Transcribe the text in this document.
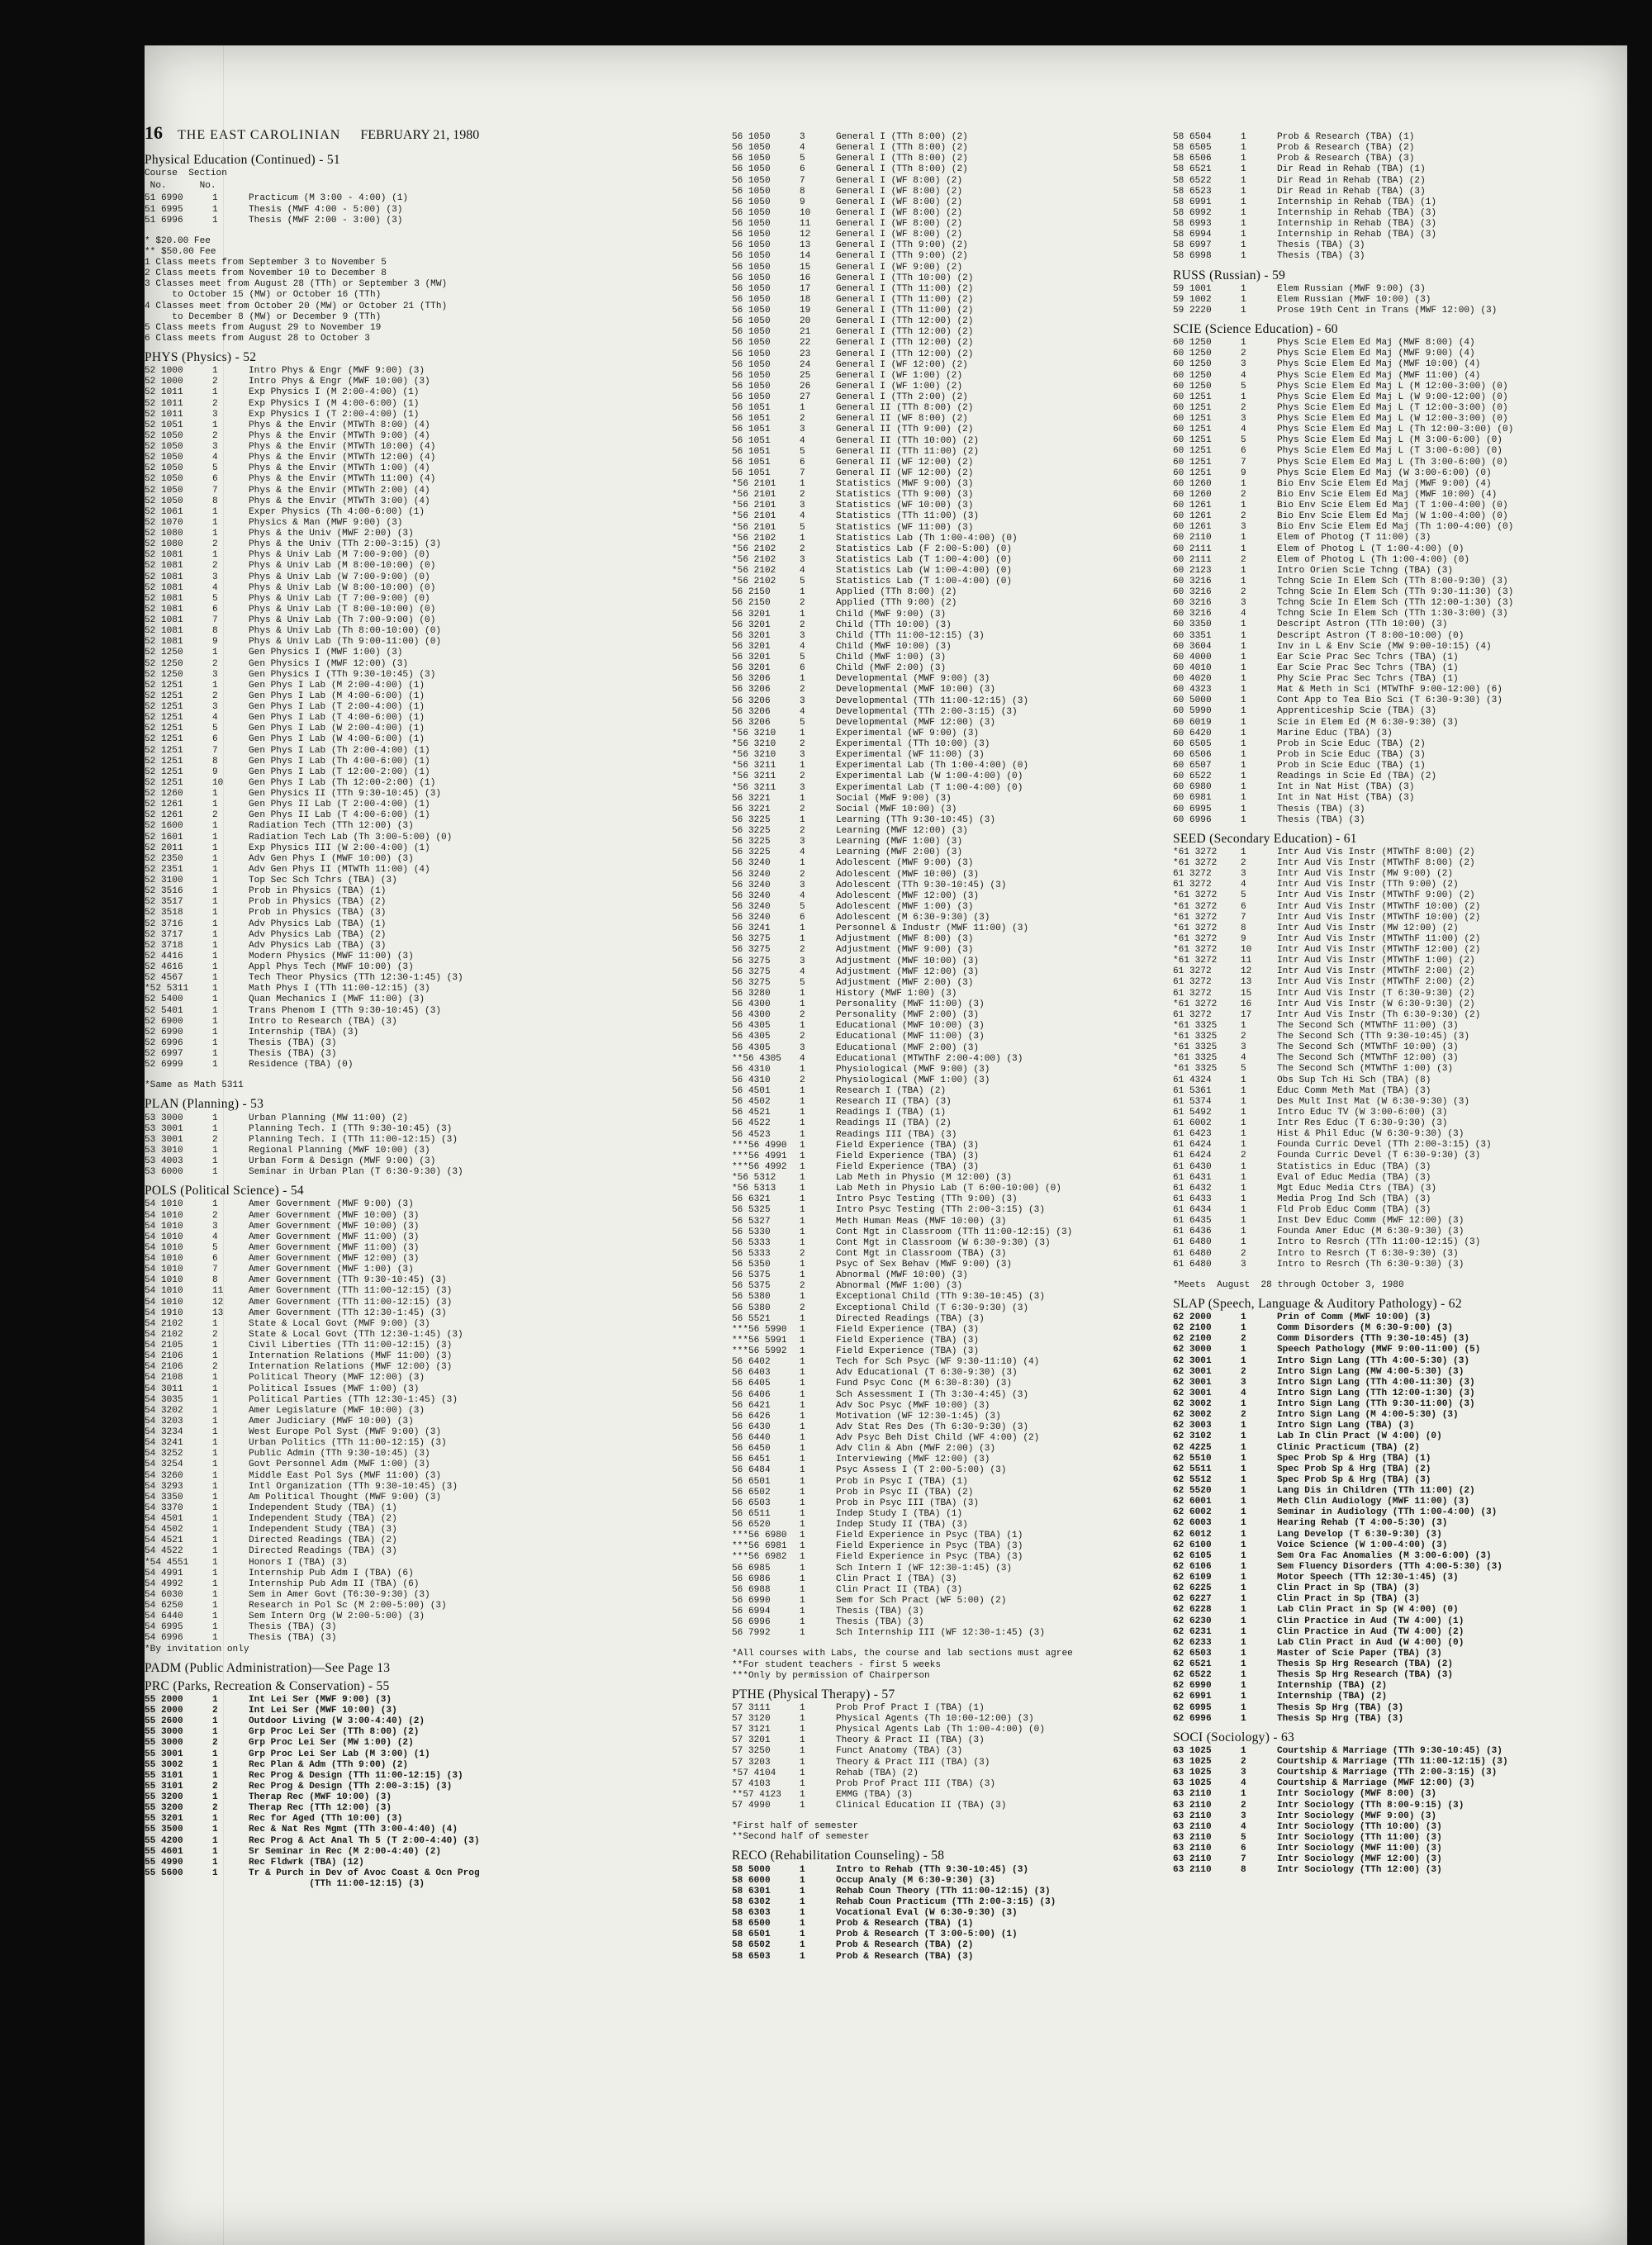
16 THE EAST CAROLINIAN FEBRUARY 21, 1980
Physical Education (Continued) - 51
Course  Section
No.      No.
51 6990	1	Practicum (M 3:00 - 4:00) (1)
51 6995	1	Thesis (MWF 4:00 - 5:00) (3)
51 6996	1	Thesis (MWF 2:00 - 3:00) (3)
* $20.00 Fee
** $50.00 Fee
1 Class meets from September 3 to November 5
2 Class meets from November 10 to December 8
3 Classes meet from August 28 (TTh) or September 3 (MW)
to October 15 (MW) or October 16 (TTh)
4 Classes meet from October 20 (MW) or October 21 (TTh)
to December 8 (MW) or December 9 (TTh)
5 Class meets from August 29 to November 19
6 Class meets from August 28 to October 3
PHYS (Physics) - 52
52 1000	1	Intro Phys & Engr (MWF 9:00) (3)
52 1000	2	Intro Phys & Engr (MWF 10:00) (3)
52 1011	1	Exp Physics I (M 2:00-4:00) (1)
52 1011	2	Exp Physics I (M 4:00-6:00) (1)
52 1011	3	Exp Physics I (T 2:00-4:00) (1)
52 1051	1	Phys & the Envir (MTWTh 8:00) (4)
52 1050	2	Phys & the Envir (MTWTh 9:00) (4)
52 1050	3	Phys & the Envir (MTWTh 10:00) (4)
52 1050	4	Phys & the Envir (MTWTh 12:00) (4)
52 1050	5	Phys & the Envir (MTWTh 1:00) (4)
52 1050	6	Phys & the Envir (MTWTh 11:00) (4)
52 1050	7	Phys & the Envir (MTWTh 2:00) (4)
52 1050	8	Phys & the Envir (MTWTh 3:00) (4)
52 1061	1	Exper Physics (Th 4:00-6:00) (1)
52 1070	1	Physics & Man (MWF 9:00) (3)
52 1080	1	Phys & the Univ (MWF 2:00) (3)
52 1080	2	Phys & the Univ (TTh 2:00-3:15) (3)
52 1081	1	Phys & Univ Lab (M 7:00-9:00) (0)
52 1081	2	Phys & Univ Lab (M 8:00-10:00) (0)
52 1081	3	Phys & Univ Lab (W 7:00-9:00) (0)
52 1081	4	Phys & Univ Lab (W 8:00-10:00) (0)
52 1081	5	Phys & Univ Lab (T 7:00-9:00) (0)
52 1081	6	Phys & Univ Lab (T 8:00-10:00) (0)
52 1081	7	Phys & Univ Lab (Th 7:00-9:00) (0)
52 1081	8	Phys & Univ Lab (Th 8:00-10:00) (0)
52 1081	9	Phys & Univ Lab (Th 9:00-11:00) (0)
52 1250	1	Gen Physics I (MWF 1:00) (3)
52 1250	2	Gen Physics I (MWF 12:00) (3)
52 1250	3	Gen Physics I (TTh 9:30-10:45) (3)
52 1251	1	Gen Phys I Lab (M 2:00-4:00) (1)
52 1251	2	Gen Phys I Lab (M 4:00-6:00) (1)
52 1251	3	Gen Phys I Lab (T 2:00-4:00) (1)
52 1251	4	Gen Phys I Lab (T 4:00-6:00) (1)
52 1251	5	Gen Phys I Lab (W 2:00-4:00) (1)
52 1251	6	Gen Phys I Lab (W 4:00-6:00) (1)
52 1251	7	Gen Phys I Lab (Th 2:00-4:00) (1)
52 1251	8	Gen Phys I Lab (Th 4:00-6:00) (1)
52 1251	9	Gen Phys I Lab (T 12:00-2:00) (1)
52 1251	10	Gen Phys I Lab (Th 12:00-2:00) (1)
52 1260	1	Gen Physics II (TTh 9:30-10:45) (3)
52 1261	1	Gen Phys II Lab (T 2:00-4:00) (1)
52 1261	2	Gen Phys II Lab (T 4:00-6:00) (1)
52 1600	1	Radiation Tech (TTh 12:00) (3)
52 1601	1	Radiation Tech Lab (Th 3:00-5:00) (0)
52 2011	1	Exp Physics III (W 2:00-4:00) (1)
52 2350	1	Adv Gen Phys I (MWF 10:00) (3)
52 2351	1	Adv Gen Phys II (MTWTh 11:00) (4)
52 3100	1	Top Sec Sch Tchrs (TBA) (3)
52 3516	1	Prob in Physics (TBA) (1)
52 3517	1	Prob in Physics (TBA) (2)
52 3518	1	Prob in Physics (TBA) (3)
52 3716	1	Adv Physics Lab (TBA) (1)
52 3717	1	Adv Physics Lab (TBA) (2)
52 3718	1	Adv Physics Lab (TBA) (3)
52 4416	1	Modern Physics (MWF 11:00) (3)
52 4616	1	Appl Phys Tech (MWF 10:00) (3)
52 4567	1	Tech Theor Physics (TTh 12:30-1:45) (3)
*52 5311	1	Math Phys I (TTh 11:00-12:15) (3)
52 5400	1	Quan Mechanics I (MWF 11:00) (3)
52 5401	1	Trans Phenom I (TTh 9:30-10:45) (3)
52 6900	1	Intro to Research (TBA) (3)
52 6990	1	Internship (TBA) (3)
52 6996	1	Thesis (TBA) (3)
52 6997	1	Thesis (TBA) (3)
52 6999	1	Residence (TBA) (0)
*Same as Math 5311
PLAN (Planning) - 53
53 3000	1	Urban Planning (MW 11:00) (2)
53 3001	1	Planning Tech. I (TTh 9:30-10:45) (3)
53 3001	2	Planning Tech. I (TTh 11:00-12:15) (3)
53 3010	1	Regional Planning (MWF 10:00) (3)
53 4003	1	Urban Form & Design (MWF 9:00) (3)
53 6000	1	Seminar in Urban Plan (T 6:30-9:30) (3)
POLS (Political Science) - 54
54 1010	1	Amer Government (MWF 9:00) (3)
54 1010	2	Amer Government (MWF 10:00) (3)
54 1010	3	Amer Government (MWF 10:00) (3)
54 1010	4	Amer Government (MWF 11:00) (3)
54 1010	5	Amer Government (MWF 11:00) (3)
54 1010	6	Amer Government (MWF 12:00) (3)
54 1010	7	Amer Government (MWF 1:00) (3)
54 1010	8	Amer Government (TTh 9:30-10:45) (3)
54 1010	11	Amer Government (TTh 11:00-12:15) (3)
54 1010	12	Amer Government (TTh 11:00-12:15) (3)
54 1910	13	Amer Government (TTh 12:30-1:45) (3)
54 2102	1	State & Local Govt (MWF 9:00) (3)
54 2102	2	State & Local Govt (TTh 12:30-1:45) (3)
54 2105	1	Civil Liberties (TTh 11:00-12:15) (3)
54 2106	1	Internation Relations (MWF 11:00) (3)
54 2106	2	Internation Relations (MWF 12:00) (3)
54 2108	1	Political Theory (MWF 12:00) (3)
54 3011	1	Political Issues (MWF 1:00) (3)
54 3035	1	Political Parties (TTh 12:30-1:45) (3)
54 3202	1	Amer Legislature (MWF 10:00) (3)
54 3203	1	Amer Judiciary (MWF 10:00) (3)
54 3234	1	West Europe Pol Syst (MWF 9:00) (3)
54 3241	1	Urban Politics (TTh 11:00-12:15) (3)
54 3252	1	Public Admin (TTh 9:30-10:45) (3)
54 3254	1	Govt Personnel Adm (MWF 1:00) (3)
54 3260	1	Middle East Pol Sys (MWF 11:00) (3)
54 3293	1	Intl Organization (TTh 9:30-10:45) (3)
54 3350	1	Am Political Thought (MWF 9:00) (3)
54 3370	1	Independent Study (TBA) (1)
54 4501	1	Independent Study (TBA) (2)
54 4502	1	Independent Study (TBA) (3)
54 4521	1	Directed Readings (TBA) (2)
54 4522	1	Directed Readings (TBA) (3)
*54 4551	1	Honors I (TBA) (3)
54 4991	1	Internship Pub Adm I (TBA) (6)
54 4992	1	Internship Pub Adm II (TBA) (6)
54 6030	1	Sem in Amer Govt (T6:30-9:30) (3)
54 6250	1	Research in Pol Sc (M 2:00-5:00) (3)
54 6440	1	Sem Intern Org (W 2:00-5:00) (3)
54 6995	1	Thesis (TBA) (3)
54 6996	1	Thesis (TBA) (3)
*By invitation only
PADM (Public Administration)—See Page 13
PRC (Parks, Recreation & Conservation) - 55
55 2000	1	Int Lei Ser (MWF 9:00) (3)
55 2000	2	Int Lei Ser (MWF 10:00) (3)
55 2600	1	Outdoor Living (W 3:00-4:40) (2)
55 3000	1	Grp Proc Lei Ser (TTh 8:00) (2)
55 3000	2	Grp Proc Lei Ser (MW 1:00) (2)
55 3001	1	Grp Proc Lei Ser Lab (M 3:00) (1)
55 3002	1	Rec Plan & Adm (TTh 9:00) (2)
55 3101	1	Rec Prog & Design (TTh 11:00-12:15) (3)
55 3101	2	Rec Prog & Design (TTh 2:00-3:15) (3)
55 3200	1	Therap Rec (MWF 10:00) (3)
55 3200	2	Therap Rec (TTh 12:00) (3)
55 3201	1	Rec for Aged (TTh 10:00) (3)
55 3500	1	Rec & Nat Res Mgmt (TTh 3:00-4:40) (4)
55 4200	1	Rec Prog & Act Anal Th 5 (T 2:00-4:40) (3)
55 4601	1	Sr Seminar in Rec (M 2:00-4:40) (2)
55 4990	1	Rec Fldwrk (TBA) (12)
55 5600	1	Tr & Purch in Dev of Avoc Coast & Ocn Prog
(TTh 11:00-12:15) (3)
56 1050	3	General I (TTh 8:00) (2)
56 1050	4	General I (TTh 8:00) (2)
56 1050	5	General I (TTh 8:00) (2)
56 1050	6	General I (TTh 8:00) (2)
56 1050	7	General I (WF 8:00) (2)
56 1050	8	General I (WF 8:00) (2)
56 1050	9	General I (WF 8:00) (2)
56 1050	10	General I (WF 8:00) (2)
56 1050	11	General I (WF 8:00) (2)
56 1050	12	General I (WF 8:00) (2)
56 1050	13	General I (TTh 9:00) (2)
56 1050	14	General I (TTh 9:00) (2)
56 1050	15	General I (WF 9:00) (2)
56 1050	16	General I (TTh 10:00) (2)
56 1050	17	General I (TTh 11:00) (2)
56 1050	18	General I (TTh 11:00) (2)
56 1050	19	General I (TTh 11:00) (2)
56 1050	20	General I (TTh 12:00) (2)
56 1050	21	General I (TTh 12:00) (2)
56 1050	22	General I (TTh 12:00) (2)
56 1050	23	General I (TTh 12:00) (2)
56 1050	24	General I (WF 12:00) (2)
56 1050	25	General I (WF 1:00) (2)
56 1050	26	General I (WF 1:00) (2)
56 1050	27	General I (TTh 2:00) (2)
56 1051	1	General II (TTh 8:00) (2)
56 1051	2	General II (WF 8:00) (2)
56 1051	3	General II (TTh 9:00) (2)
56 1051	4	General II (TTh 10:00) (2)
56 1051	5	General II (TTh 11:00) (2)
56 1051	6	General II (WF 12:00) (2)
56 1051	7	General II (WF 12:00) (2)
*56 2101	1	Statistics (MWF 9:00) (3)
*56 2101	2	Statistics (TTh 9:00) (3)
*56 2101	3	Statistics (WF 10:00) (3)
*56 2101	4	Statistics (TTh 11:00) (3)
*56 2101	5	Statistics (WF 11:00) (3)
*56 2102	1	Statistics Lab (Th 1:00-4:00) (0)
*56 2102	2	Statistics Lab (F 2:00-5:00) (0)
*56 2102	3	Statistics Lab (T 1:00-4:00) (0)
*56 2102	4	Statistics Lab (W 1:00-4:00) (0)
*56 2102	5	Statistics Lab (T 1:00-4:00) (0)
56 2150	1	Applied (TTh 8:00) (2)
56 2150	2	Applied (TTh 9:00) (2)
56 3201	1	Child (MWF 9:00) (3)
56 3201	2	Child (TTh 10:00) (3)
56 3201	3	Child (TTh 11:00-12:15) (3)
56 3201	4	Child (MWF 10:00) (3)
56 3201	5	Child (MWF 1:00) (3)
56 3201	6	Child (MWF 2:00) (3)
56 3206	1	Developmental (MWF 9:00) (3)
56 3206	2	Developmental (MWF 10:00) (3)
56 3206	3	Developmental (TTh 11:00-12:15) (3)
56 3206	4	Developmental (TTh 2:00-3:15) (3)
56 3206	5	Developmental (MWF 12:00) (3)
*56 3210	1	Experimental (WF 9:00) (3)
*56 3210	2	Experimental (TTh 10:00) (3)
*56 3210	3	Experimental (WF 11:00) (3)
*56 3211	1	Experimental Lab (Th 1:00-4:00) (0)
*56 3211	2	Experimental Lab (W 1:00-4:00) (0)
*56 3211	3	Experimental Lab (T 1:00-4:00) (0)
56 3221	1	Social (MWF 9:00) (3)
56 3221	2	Social (MWF 10:00) (3)
56 3225	1	Learning (TTh 9:30-10:45) (3)
56 3225	2	Learning (MWF 12:00) (3)
56 3225	3	Learning (MWF 1:00) (3)
56 3225	4	Learning (MWF 2:00) (3)
56 3240	1	Adolescent (MWF 9:00) (3)
56 3240	2	Adolescent (MWF 10:00) (3)
56 3240	3	Adolescent (TTh 9:30-10:45) (3)
56 3240	4	Adolescent (MWF 12:00) (3)
56 3240	5	Adolescent (MWF 1:00) (3)
56 3240	6	Adolescent (M 6:30-9:30) (3)
56 3241	1	Personnel & Industr (MWF 11:00) (3)
56 3275	1	Adjustment (MWF 8:00) (3)
56 3275	2	Adjustment (MWF 9:00) (3)
56 3275	3	Adjustment (MWF 10:00) (3)
56 3275	4	Adjustment (MWF 12:00) (3)
56 3275	5	Adjustment (MWF 2:00) (3)
56 3280	1	History (MWF 1:00) (3)
56 4300	1	Personality (MWF 11:00) (3)
56 4300	2	Personality (MWF 2:00) (3)
56 4305	1	Educational (MWF 10:00) (3)
56 4305	2	Educational (MWF 11:00) (3)
56 4305	3	Educational (MWF 2:00) (3)
**56 4305	4	Educational (MTWThF 2:00-4:00) (3)
56 4310	1	Physiological (MWF 9:00) (3)
56 4310	2	Physiological (MWF 1:00) (3)
56 4501	1	Research I (TBA) (2)
56 4502	1	Research II (TBA) (3)
56 4521	1	Readings I (TBA) (1)
56 4522	1	Readings II (TBA) (2)
56 4523	1	Readings III (TBA) (3)
***56 4990	1	Field Experience (TBA) (3)
***56 4991	1	Field Experience (TBA) (3)
***56 4992	1	Field Experience (TBA) (3)
*56 5312	1	Lab Meth in Physio (M 12:00) (3)
*56 5313	1	Lab Meth in Physio Lab (T 6:00-10:00) (0)
56 6321	1	Intro Psyc Testing (TTh 9:00) (3)
56 5325	1	Intro Psyc Testing (TTh 2:00-3:15) (3)
56 5327	1	Meth Human Meas (MWF 10:00) (3)
56 5330	1	Cont Mgt in Classroom (TTh 11:00-12:15) (3)
56 5333	1	Cont Mgt in Classroom (W 6:30-9:30) (3)
56 5333	2	Cont Mgt in Classroom (TBA) (3)
56 5350	1	Psyc of Sex Behav (MWF 9:00) (3)
56 5375	1	Abnormal (MWF 10:00) (3)
56 5375	2	Abnormal (MWF 1:00) (3)
56 5380	1	Exceptional Child (TTh 9:30-10:45) (3)
56 5380	2	Exceptional Child (T 6:30-9:30) (3)
56 5521	1	Directed Readings (TBA) (3)
***56 5990	1	Field Experience (TBA) (3)
***56 5991	1	Field Experience (TBA) (3)
***56 5992	1	Field Experience (TBA) (3)
56 6402	1	Tech for Sch Psyc (WF 9:30-11:10) (4)
56 6403	1	Adv Educational (T 6:30-9:30) (3)
56 6405	1	Fund Psyc Conc (M 6:30-8:30) (3)
56 6406	1	Sch Assessment I (Th 3:30-4:45) (3)
56 6421	1	Adv Soc Psyc (MWF 10:00) (3)
56 6426	1	Motivation (WF 12:30-1:45) (3)
56 6430	1	Adv Stat Res Des (Th 6:30-9:30) (3)
56 6440	1	Adv Psyc Beh Dist Child (WF 4:00) (2)
56 6450	1	Adv Clin & Abn (MWF 2:00) (3)
56 6451	1	Interviewing (MWF 12:00) (3)
56 6484	1	Psyc Assess I (T 2:00-5:00) (3)
56 6501	1	Prob in Psyc I (TBA) (1)
56 6502	1	Prob in Psyc II (TBA) (2)
56 6503	1	Prob in Psyc III (TBA) (3)
56 6511	1	Indep Study I (TBA) (1)
56 6520	1	Indep Study II (TBA) (3)
***56 6980	1	Field Experience in Psyc (TBA) (1)
***56 6981	1	Field Experience in Psyc (TBA) (3)
***56 6982	1	Field Experience in Psyc (TBA) (3)
56 6985	1	Sch Intern I (WF 12:30-1:45) (3)
56 6986	1	Clin Pract I (TBA) (3)
56 6988	1	Clin Pract II (TBA) (3)
56 6990	1	Sem for Sch Pract (WF 5:00) (2)
56 6994	1	Thesis (TBA) (3)
56 6996	1	Thesis (TBA) (3)
56 7992	1	Sch Internship III (WF 12:30-1:45) (3)
*All courses with Labs, the course and lab sections must agree
**For student teachers - first 5 weeks
***Only by permission of Chairperson
PTHE (Physical Therapy) - 57
57 3111	1	Prob Prof Pract I (TBA) (1)
57 3120	1	Physical Agents (Th 10:00-12:00) (3)
57 3121	1	Physical Agents Lab (Th 1:00-4:00) (0)
57 3201	1	Theory & Pract II (TBA) (3)
57 3250	1	Funct Anatomy (TBA) (3)
57 3203	1	Theory & Pract III (TBA) (3)
*57 4104	1	Rehab (TBA) (2)
57 4103	1	Prob Prof Pract III (TBA) (3)
**57 4123	1	EMMG (TBA) (3)
57 4990	1	Clinical Education II (TBA) (3)
*First half of semester
**Second half of semester
RECO (Rehabilitation Counseling) - 58
58 5000	1	Intro to Rehab (TTh 9:30-10:45) (3)
58 6000	1	Occup Analy (M 6:30-9:30) (3)
58 6301	1	Rehab Coun Theory (TTh 11:00-12:15) (3)
58 6302	1	Rehab Coun Practicum (TTh 2:00-3:15) (3)
58 6303	1	Vocational Eval (W 6:30-9:30) (3)
58 6500	1	Prob & Research (TBA) (1)
58 6501	1	Prob & Research (T 3:00-5:00) (1)
58 6502	1	Prob & Research (TBA) (2)
58 6503	1	Prob & Research (TBA) (3)
58 6504	1	Prob & Research (TBA) (1)
58 6505	1	Prob & Research (TBA) (2)
58 6506	1	Prob & Research (TBA) (3)
58 6521	1	Dir Read in Rehab (TBA) (1)
58 6522	1	Dir Read in Rehab (TBA) (2)
58 6523	1	Dir Read in Rehab (TBA) (3)
58 6991	1	Internship in Rehab (TBA) (1)
58 6992	1	Internship in Rehab (TBA) (3)
58 6993	1	Internship in Rehab (TBA) (3)
58 6994	1	Internship in Rehab (TBA) (3)
58 6997	1	Thesis (TBA) (3)
58 6998	1	Thesis (TBA) (3)
RUSS (Russian) - 59
59 1001	1	Elem Russian (MWF 9:00) (3)
59 1002	1	Elem Russian (MWF 10:00) (3)
59 2220	1	Prose 19th Cent in Trans (MWF 12:00) (3)
SCIE (Science Education) - 60
60 1250	1	Phys Scie Elem Ed Maj (MWF 8:00) (4)
60 1250	2	Phys Scie Elem Ed Maj (MWF 9:00) (4)
60 1250	3	Phys Scie Elem Ed Maj (MWF 10:00) (4)
60 1250	4	Phys Scie Elem Ed Maj (MWF 11:00) (4)
60 1250	5	Phys Scie Elem Ed Maj L (M 12:00-3:00) (0)
60 1251	1	Phys Scie Elem Ed Maj L (W 9:00-12:00) (0)
60 1251	2	Phys Scie Elem Ed Maj L (T 12:00-3:00) (0)
60 1251	3	Phys Scie Elem Ed Maj L (W 12:00-3:00) (0)
60 1251	4	Phys Scie Elem Ed Maj L (Th 12:00-3:00) (0)
60 1251	5	Phys Scie Elem Ed Maj L (M 3:00-6:00) (0)
60 1251	6	Phys Scie Elem Ed Maj L (T 3:00-6:00) (0)
60 1251	7	Phys Scie Elem Ed Maj L (Th 3:00-6:00) (0)
60 1251	9	Phys Scie Elem Ed Maj (W 3:00-6:00) (0)
60 1260	1	Bio Env Scie Elem Ed Maj (MWF 9:00) (4)
60 1260	2	Bio Env Scie Elem Ed Maj (MWF 10:00) (4)
60 1261	1	Bio Env Scie Elem Ed Maj (T 1:00-4:00) (0)
60 1261	2	Bio Env Scie Elem Ed Maj (W 1:00-4:00) (0)
60 1261	3	Bio Env Scie Elem Ed Maj (Th 1:00-4:00) (0)
60 2110	1	Elem of Photog (T 11:00) (3)
60 2111	1	Elem of Photog L (T 1:00-4:00) (0)
60 2111	2	Elem of Photog L (Th 1:00-4:00) (0)
60 2123	1	Intro Orien Scie Tchng (TBA) (3)
60 3216	1	Tchng Scie In Elem Sch (TTh 8:00-9:30) (3)
60 3216	2	Tchng Scie In Elem Sch (TTh 9:30-11:30) (3)
60 3216	3	Tchng Scie In Elem Sch (TTh 12:00-1:30) (3)
60 3216	4	Tchng Scie In Elem Sch (TTh 1:30-3:00) (3)
60 3350	1	Descript Astron (TTh 10:00) (3)
60 3351	1	Descript Astron (T 8:00-10:00) (0)
60 3604	1	Inv in L & Env Scie (MW 9:00-10:15) (4)
60 4000	1	Ear Scie Prac Sec Tchrs (TBA) (1)
60 4010	1	Ear Scie Prac Sec Tchrs (TBA) (1)
60 4020	1	Phy Scie Prac Sec Tchrs (TBA) (1)
60 4323	1	Mat & Meth in Sci (MTWThF 9:00-12:00) (6)
60 5000	1	Cont App to Tea Bio Sci (T 6:30-9:30) (3)
60 5990	1	Apprenticeship Scie (TBA) (3)
60 6019	1	Scie in Elem Ed (M 6:30-9:30) (3)
60 6420	1	Marine Educ (TBA) (3)
60 6505	1	Prob in Scie Educ (TBA) (2)
60 6506	1	Prob in Scie Educ (TBA) (3)
60 6507	1	Prob in Scie Educ (TBA) (1)
60 6522	1	Readings in Scie Ed (TBA) (2)
60 6980	1	Int in Nat Hist (TBA) (3)
60 6981	1	Int in Nat Hist (TBA) (3)
60 6995	1	Thesis (TBA) (3)
60 6996	1	Thesis (TBA) (3)
SEED (Secondary Education) - 61
*61 3272	1	Intr Aud Vis Instr (MTWThF 8:00) (2)
*61 3272	2	Intr Aud Vis Instr (MTWThF 8:00) (2)
61 3272	3	Intr Aud Vis Instr (MW 9:00) (2)
61 3272	4	Intr Aud Vis Instr (TTh 9:00) (2)
*61 3272	5	Intr Aud Vis Instr (MTWThF 9:00) (2)
*61 3272	6	Intr Aud Vis Instr (MTWThF 10:00) (2)
*61 3272	7	Intr Aud Vis Instr (MTWThF 10:00) (2)
*61 3272	8	Intr Aud Vis Instr (MW 12:00) (2)
*61 3272	9	Intr Aud Vis Instr (MTWThF 11:00) (2)
*61 3272	10	Intr Aud Vis Instr (MTWThF 12:00) (2)
*61 3272	11	Intr Aud Vis Instr (MTWThF 1:00) (2)
61 3272	12	Intr Aud Vis Instr (MTWThF 2:00) (2)
61 3272	13	Intr Aud Vis Instr (MTWThF 2:00) (2)
61 3272	15	Intr Aud Vis Instr (T 6:30-9:30) (2)
*61 3272	16	Intr Aud Vis Instr (W 6:30-9:30) (2)
61 3272	17	Intr Aud Vis Instr (Th 6:30-9:30) (2)
*61 3325	1	The Second Sch (MTWThF 11:00) (3)
*61 3325	2	The Second Sch (TTh 9:30-10:45) (3)
*61 3325	3	The Second Sch (MTWThF 10:00) (3)
*61 3325	4	The Second Sch (MTWThF 12:00) (3)
*61 3325	5	The Second Sch (MTWThF 1:00) (3)
61 4324	1	Obs Sup Tch Hi Sch (TBA) (8)
61 5361	1	Educ Comm Meth Mat (TBA) (3)
61 5374	1	Des Mult Inst Mat (W 6:30-9:30) (3)
61 5492	1	Intro Educ TV (W 3:00-6:00) (3)
61 6002	1	Intr Res Educ (T 6:30-9:30) (3)
61 6423	1	Hist & Phil Educ (W 6:30-9:30) (3)
61 6424	1	Founda Curric Devel (TTh 2:00-3:15) (3)
61 6424	2	Founda Curric Devel (T 6:30-9:30) (3)
61 6430	1	Statistics in Educ (TBA) (3)
61 6431	1	Eval of Educ Media (TBA) (3)
61 6432	1	Mgt Educ Media Ctrs (TBA) (3)
61 6433	1	Media Prog Ind Sch (TBA) (3)
61 6434	1	Fld Prob Educ Comm (TBA) (3)
61 6435	1	Inst Dev Educ Comm (MWF 12:00) (3)
61 6436	1	Founda Amer Educ (M 6:30-9:30) (3)
61 6480	1	Intro to Resrch (TTh 11:00-12:15) (3)
61 6480	2	Intro to Resrch (T 6:30-9:30) (3)
61 6480	3	Intro to Resrch (Th 6:30-9:30) (3)
*Meets  August  28 through October 3, 1980
SLAP (Speech, Language & Auditory Pathology) - 62
62 2000	1	Prin of Comm (MWF 10:00) (3)
62 2100	1	Comm Disorders (M 6:30-9:00) (3)
62 2100	2	Comm Disorders (TTh 9:30-10:45) (3)
62 3000	1	Speech Pathology (MWF 9:00-11:00) (5)
62 3001	1	Intro Sign Lang (TTh 4:00-5:30) (3)
62 3001	2	Intro Sign Lang (MW 4:00-5:30) (3)
62 3001	3	Intro Sign Lang (TTh 4:00-11:30) (3)
62 3001	4	Intro Sign Lang (TTh 12:00-1:30) (3)
62 3002	1	Intro Sign Lang (TTh 9:30-11:00) (3)
62 3002	2	Intro Sign Lang (M 4:00-5:30) (3)
62 3003	1	Intro Sign Lang (TBA) (3)
62 3102	1	Lab In Clin Pract (W 4:00) (0)
62 4225	1	Clinic Practicum (TBA) (2)
62 5510	1	Spec Prob Sp & Hrg (TBA) (1)
62 5511	1	Spec Prob Sp & Hrg (TBA) (2)
62 5512	1	Spec Prob Sp & Hrg (TBA) (3)
62 5520	1	Lang Dis in Children (TTh 11:00) (2)
62 6001	1	Meth Clin Audiology (MWF 11:00) (3)
62 6002	1	Seminar in Audiology (TTh 1:00-4:00) (3)
62 6003	1	Hearing Rehab (T 4:00-5:30) (3)
62 6012	1	Lang Develop (T 6:30-9:30) (3)
62 6100	1	Voice Science (W 1:00-4:00) (3)
62 6105	1	Sem Ora Fac Anomalies (M 3:00-6:00) (3)
62 6106	1	Sem Fluency Disorders (TTh 4:00-5:30) (3)
62 6109	1	Motor Speech (TTh 12:30-1:45) (3)
62 6225	1	Clin Pract in Sp (TBA) (3)
62 6227	1	Clin Pract in Sp (TBA) (3)
62 6228	1	Lab Clin Pract in Sp (W 4:00) (0)
62 6230	1	Clin Practice in Aud (TW 4:00) (1)
62 6231	1	Clin Practice in Aud (TW 4:00) (2)
62 6233	1	Lab Clin Pract in Aud (W 4:00) (0)
62 6503	1	Master of Scie Paper (TBA) (3)
62 6521	1	Thesis Sp Hrg Research (TBA) (2)
62 6522	1	Thesis Sp Hrg Research (TBA) (3)
62 6990	1	Internship (TBA) (2)
62 6991	1	Internship (TBA) (2)
62 6995	1	Thesis Sp Hrg (TBA) (3)
62 6996	1	Thesis Sp Hrg (TBA) (3)
SOCI (Sociology) - 63
63 1025	1	Courtship & Marriage (TTh 9:30-10:45) (3)
63 1025	2	Courtship & Marriage (TTh 11:00-12:15) (3)
63 1025	3	Courtship & Marriage (TTh 2:00-3:15) (3)
63 1025	4	Courtship & Marriage (MWF 12:00) (3)
63 2110	1	Intr Sociology (MWF 8:00) (3)
63 2110	2	Intr Sociology (TTh 8:00-9:15) (3)
63 2110	3	Intr Sociology (MWF 9:00) (3)
63 2110	4	Intr Sociology (TTh 10:00) (3)
63 2110	5	Intr Sociology (TTh 11:00) (3)
63 2110	6	Intr Sociology (MWF 11:00) (3)
63 2110	7	Intr Sociology (MWF 12:00) (3)
63 2110	8	Intr Sociology (TTh 12:00) (3)
